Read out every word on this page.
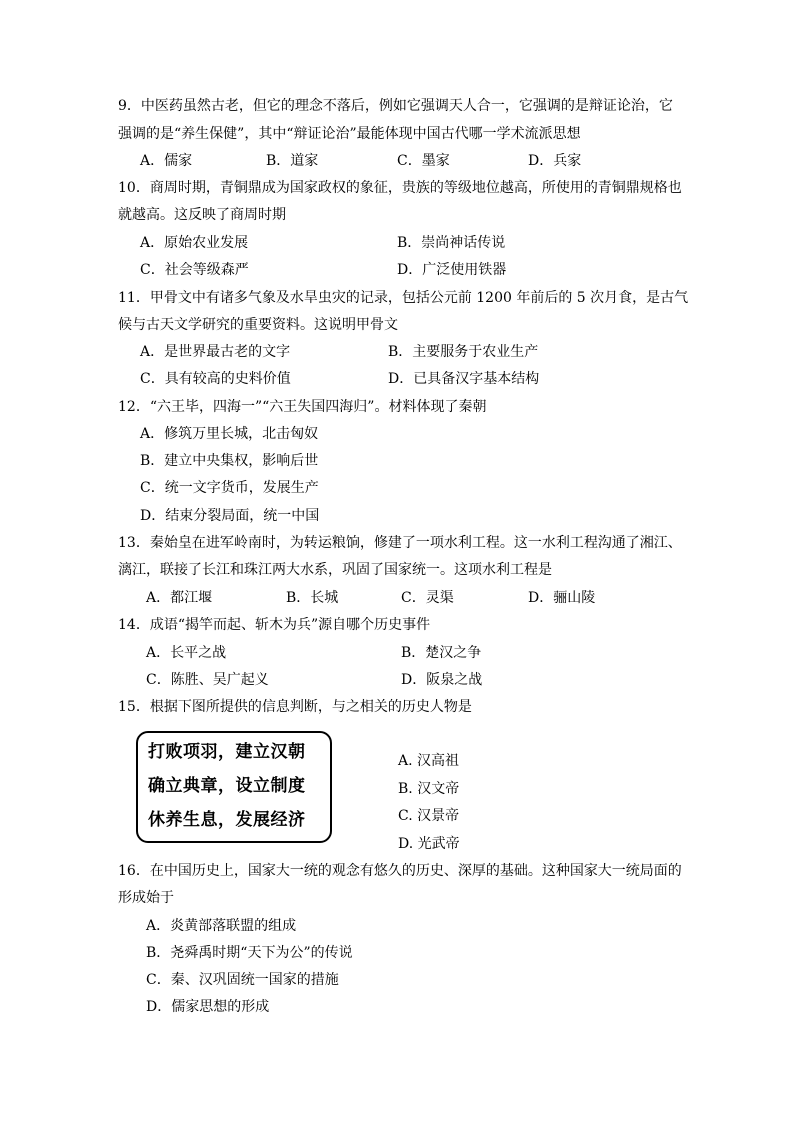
9．中医药虽然古老，但它的理念不落后，例如它强调天人合一，它强调的是辩证论治，它
强调的是“养生保健”，其中“辩证论治”最能体现中国古代哪一学术流派思想
A．儒家	B．道家	C．墨家	D．兵家
10．商周时期，青铜鼎成为国家政权的象征，贵族的等级地位越高，所使用的青铜鼎规格也
就越高。这反映了商周时期
A．原始农业发展	B．崇尚神话传说
C．社会等级森严	D．广泛使用铁器
11．甲骨文中有诸多气象及水旱虫灾的记录，包括公元前 1200 年前后的 5 次月食，是古气
候与古天文学研究的重要资料。这说明甲骨文
A．是世界最古老的文字	B．主要服务于农业生产
C．具有较高的史料价值	D．已具备汉字基本结构
12．“六王毕，四海一”“六王失国四海归”。材料体现了秦朝
A．修筑万里长城，北击匈奴
B．建立中央集权，影响后世
C．统一文字货币，发展生产
D．结束分裂局面，统一中国
13．秦始皇在进军岭南时，为转运粮饷，修建了一项水利工程。这一水利工程沟通了湘江、
漓江，联接了长江和珠江两大水系，巩固了国家统一。这项水利工程是
A．都江堰	B．长城	C．灵渠	D．骊山陵
14．成语“揭竿而起、斩木为兵”源自哪个历史事件
A．长平之战	B．楚汉之争
C．陈胜、吴广起义	D．阪泉之战
15．根据下图所提供的信息判断，与之相关的历史人物是
打败项羽，建立汉朝
确立典章，设立制度
休养生息，发展经济
A. 汉高祖
B. 汉文帝
C. 汉景帝
D. 光武帝
16．在中国历史上，国家大一统的观念有悠久的历史、深厚的基础。这种国家大一统局面的
形成始于
A．炎黄部落联盟的组成
B．尧舜禹时期“天下为公”的传说
C．秦、汉巩固统一国家的措施
D．儒家思想的形成
